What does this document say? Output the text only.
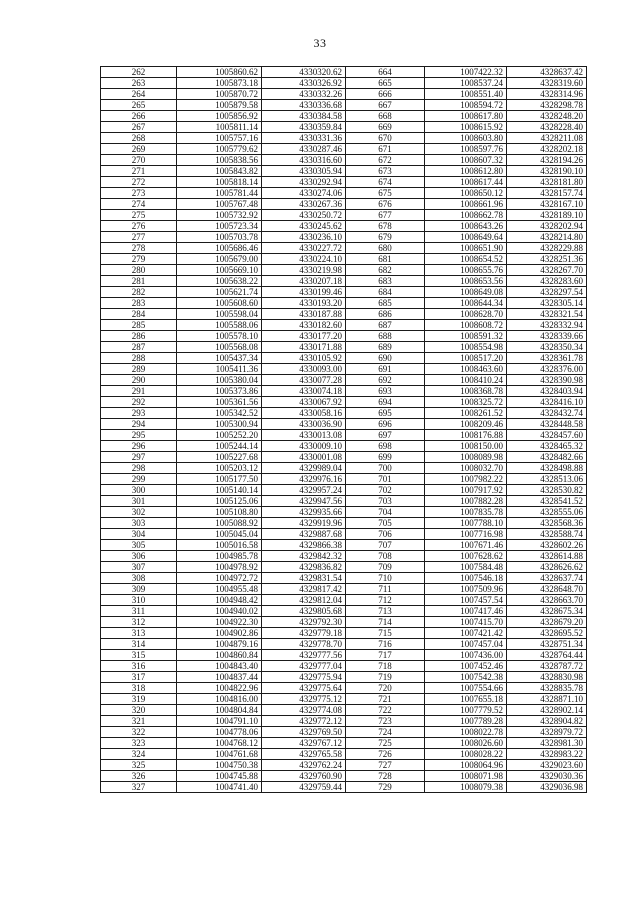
33
262	1005860.62	4330320.62	664	1007422.32	4328637.42
263	1005873.18	4330326.92	665	1008537.24	4328319.60
264	1005870.72	4330332.26	666	1008551.40	4328314.96
265	1005879.58	4330336.68	667	1008594.72	4328298.78
266	1005856.92	4330384.58	668	1008617.80	4328248.20
267	1005811.14	4330359.84	669	1008615.92	4328228.40
268	1005757.16	4330331.36	670	1008603.80	4328211.08
269	1005779.62	4330287.46	671	1008597.76	4328202.18
270	1005838.56	4330316.60	672	1008607.32	4328194.26
271	1005843.82	4330305.94	673	1008612.80	4328190.10
272	1005818.14	4330292.94	674	1008617.44	4328181.80
273	1005781.44	4330274.06	675	1008650.12	4328157.74
274	1005767.48	4330267.36	676	1008661.96	4328167.10
275	1005732.92	4330250.72	677	1008662.78	4328189.10
276	1005723.34	4330245.62	678	1008643.26	4328202.94
277	1005703.78	4330236.10	679	1008649.64	4328214.80
278	1005686.46	4330227.72	680	1008651.90	4328229.88
279	1005679.00	4330224.10	681	1008654.52	4328251.36
280	1005669.10	4330219.98	682	1008655.76	4328267.70
281	1005638.22	4330207.18	683	1008653.56	4328283.60
282	1005621.74	4330199.46	684	1008649.08	4328297.54
283	1005608.60	4330193.20	685	1008644.34	4328305.14
284	1005598.04	4330187.88	686	1008628.70	4328321.54
285	1005588.06	4330182.60	687	1008608.72	4328332.94
286	1005578.10	4330177.20	688	1008591.32	4328339.66
287	1005568.08	4330171.88	689	1008554.98	4328350.34
288	1005437.34	4330105.92	690	1008517.20	4328361.78
289	1005411.36	4330093.00	691	1008463.60	4328376.00
290	1005380.04	4330077.28	692	1008410.24	4328390.98
291	1005373.86	4330074.18	693	1008368.78	4328403.94
292	1005361.56	4330067.92	694	1008325.72	4328416.10
293	1005342.52	4330058.16	695	1008261.52	4328432.74
294	1005300.94	4330036.90	696	1008209.46	4328448.58
295	1005252.20	4330013.08	697	1008176.88	4328457.60
296	1005244.14	4330009.10	698	1008150.00	4328465.32
297	1005227.68	4330001.08	699	1008089.98	4328482.66
298	1005203.12	4329989.04	700	1008032.70	4328498.88
299	1005177.50	4329976.16	701	1007982.22	4328513.06
300	1005140.14	4329957.24	702	1007917.92	4328530.82
301	1005125.06	4329947.56	703	1007882.28	4328541.52
302	1005108.80	4329935.66	704	1007835.78	4328555.06
303	1005088.92	4329919.96	705	1007788.10	4328568.36
304	1005045.04	4329887.68	706	1007716.98	4328588.74
305	1005016.58	4329866.38	707	1007671.46	4328602.26
306	1004985.78	4329842.32	708	1007628.62	4328614.88
307	1004978.92	4329836.82	709	1007584.48	4328626.62
308	1004972.72	4329831.54	710	1007546.18	4328637.74
309	1004955.48	4329817.42	711	1007509.96	4328648.70
310	1004948.42	4329812.04	712	1007457.54	4328663.70
311	1004940.02	4329805.68	713	1007417.46	4328675.34
312	1004922.30	4329792.30	714	1007415.70	4328679.20
313	1004902.86	4329779.18	715	1007421.42	4328695.52
314	1004879.16	4329778.70	716	1007457.04	4328751.34
315	1004860.84	4329777.56	717	1007436.00	4328764.44
316	1004843.40	4329777.04	718	1007452.46	4328787.72
317	1004837.44	4329775.94	719	1007542.38	4328830.98
318	1004822.96	4329775.64	720	1007554.66	4328835.78
319	1004816.00	4329775.12	721	1007655.18	4328871.10
320	1004804.84	4329774.08	722	1007779.52	4328902.14
321	1004791.10	4329772.12	723	1007789.28	4328904.82
322	1004778.06	4329769.50	724	1008022.78	4328979.72
323	1004768.12	4329767.12	725	1008026.60	4328981.30
324	1004761.68	4329765.58	726	1008028.22	4328983.22
325	1004750.38	4329762.24	727	1008064.96	4329023.60
326	1004745.88	4329760.90	728	1008071.98	4329030.36
327	1004741.40	4329759.44	729	1008079.38	4329036.98
